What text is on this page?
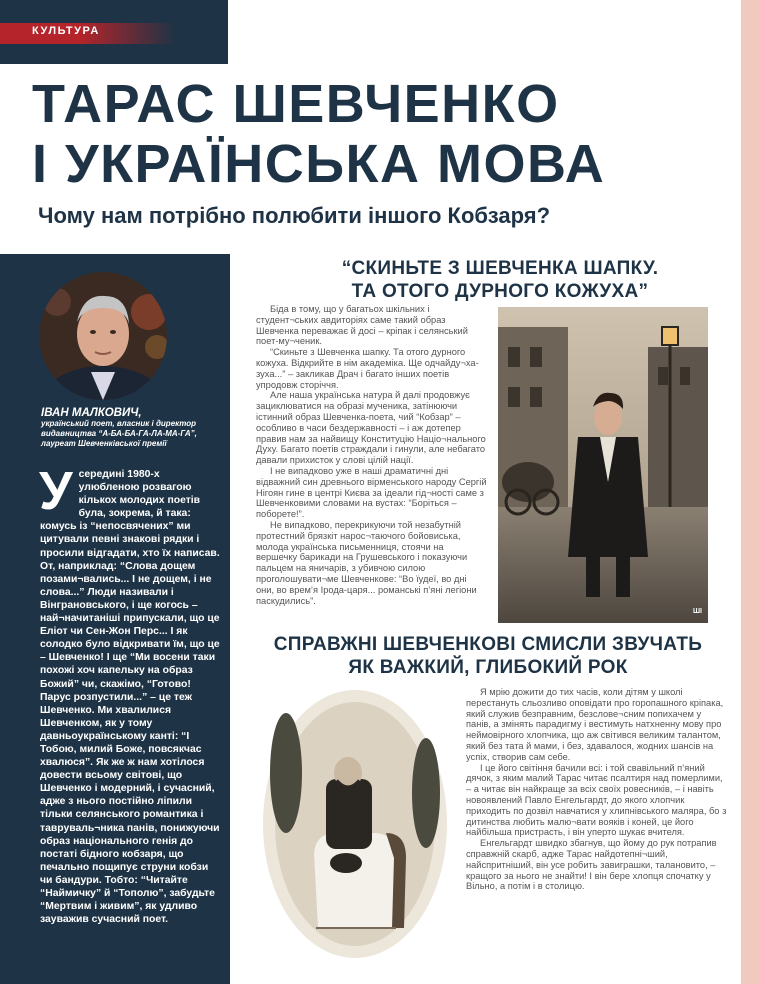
КУЛЬТУРА
ТАРАС ШЕВЧЕНКО
І УКРАЇНСЬКА МОВА

Чому нам потрібно полюбити іншого Кобзаря?

ІВАН МАЛКОВИЧ,

український поет, власник і директор видавництва “А-БА-БА-ГА-ЛА-МА-ГА”, лауреат Шевченківської премії

У середині 1980-х улюбленою розвагою кількох молодих поетів була, зокрема, й така: комусь із “непосвячених” ми цитували певні знакові рядки і просили відгадати, хто їх написав. От, наприклад: “Слова дощем позами¬вались... І не дощем, і не слова...” Люди називали і Вінграновського, і ще когось – най¬начитаніші припускали, що це Еліот чи Сен-Жон Перс... І як солодко було відкривати їм, що це – Шевченко! І ще “Ми восени таки похожі хоч капельку на образ Божий” чи, скажімо, “Готово! Парус розпустили...” – це теж Шевченко. Ми хвалилися Шевченком, як у тому давньоукраїнському канті: “І Тобою, милий Боже, повсякчас хвалюся”. Як же ж нам хотілося довести всьому світові, що Шевченко і модерний, і сучасний, адже з нього постійно ліпили тільки селянського романтика і тавруваль¬ника панів, понижуючи образ національного генія до постаті бідного кобзаря, що печально пощипує струни кобзи чи бандури. Тобто: “Читайте “Наймичку” й “Тополю”, забудьте “Мертвим і живим”, як удливо зауважив сучасний поет.

“СКИНЬТЕ З ШЕВЧЕНКА ШАПКУ.
ТА ОТОГО ДУРНОГО КОЖУХА”

Біда в тому, що у багатьох шкільних і студент¬ських авдиторіях саме такий образ Шевченка переважає й досі – кріпак і селянський поет-му¬ченик.

“Скиньте з Шевченка шапку. Та отого дурного кожуха. Відкрийте в нім академіка. Ще одчайду¬ха-зуха...” – закликав Драч і багато інших поетів упродовж сторіччя.

Але наша українська натура й далі продовжує зациклюватися на образі мученика, затінюючи істинний образ Шевченка-поета, чий “Кобзар” – особливо в часи бездержавності – і аж дотепер правив нам за найвищу Конституцію Націо¬нального Духу. Багато поетів страждали і гинули, але небагато давали прихисток у слові цілій нації.

І не випадково уже в наші драматичні дні відважний син древнього вірменського народу Сергій Нігоян гине в центрі Києва за ідеали гід¬ності саме з Шевченковими словами на вустах: “Боріться – поборете!”.

Не випадково, перекрикуючи той незабутній протестний брязкіт нарос¬таючого бойовиська, молода українська письменниця, стоячи на вершечку барикади на Грушевського і показуючи пальцем на яничарів, з убивчою силою проголошувати¬ме Шевченкове: “Во їудеї, во дні они, во врем’я Ірода-царя... романські п’яні легіони паскудились”.

ШІ
СПРАВЖНІ ШЕВЧЕНКОВІ СМИСЛИ ЗВУЧАТЬ
ЯК ВАЖКИЙ, ГЛИБОКИЙ РОК

Я мрію дожити до тих часів, коли дітям у школі перестануть сльозливо оповідати про горопашного кріпака, який служив безправним, безслове¬сним попихачем у панів, а змінять парадигму і вестимуть натхненну мову про неймовірного хлопчика, що аж світився великим талантом, який без тата й мами, і без, здавалося, жодних шансів на успіх, створив сам себе.

І це його світіння бачили всі: і той свавільний п’яний дячок, з яким малий Тарас читає псалтиря над померлими, – а читає він найкраще за всіх своїх ровесників, – і навіть новоявлений Павло Енгельгардт, до якого хлопчик приходить по дозвіл навчатися у хлипнівського маляра, бо з дитинства любить малю¬вати вояків і коней, це його найбільша пристрасть, і він уперто шукає вчителя.

Енгельгардт швидко збагнув, що йому до рук потрапив справжній скарб, адже Тарас найдотепні¬ший, найспритніший, він усе робить завиграшки, талановито, – кращого за нього не знайти! І він бере хлопця спочатку у Вільно, а потім і в столицю.
